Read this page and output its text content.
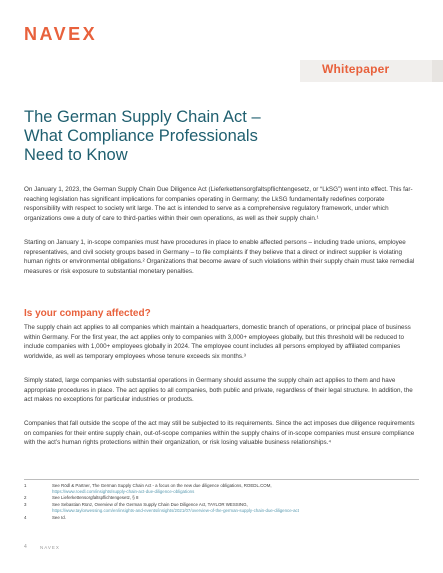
NAVEX
Whitepaper
The German Supply Chain Act –
What Compliance Professionals
Need to Know

On January 1, 2023, the German Supply Chain Due Diligence Act (Lieferkettensorgfaltspflichtengesetz, or “LkSG”) went into effect. This far-reaching legislation has significant implications for companies operating in Germany; the LkSG fundamentally redefines corporate responsibility with respect to society writ large. The act is intended to serve as a comprehensive regulatory framework, under which organizations owe a duty of care to third-parties within their own operations, as well as their supply chain.¹

Starting on January 1, in-scope companies must have procedures in place to enable affected persons – including trade unions, employee representatives, and civil society groups based in Germany – to file complaints if they believe that a direct or indirect supplier is violating human rights or environmental obligations.² Organizations that become aware of such violations within their supply chain must take remedial measures or risk exposure to substantial monetary penalties.

Is your company affected?

The supply chain act applies to all companies which maintain a headquarters, domestic branch of operations, or principal place of business within Germany. For the first year, the act applies only to companies with 3,000+ employees globally, but this threshold will be reduced to include companies with 1,000+ employees globally in 2024. The employee count includes all persons employed by affiliated companies worldwide, as well as temporary employees whose tenure exceeds six months.³

Simply stated, large companies with substantial operations in Germany should assume the supply chain act applies to them and have appropriate procedures in place. The act applies to all companies, both public and private, regardless of their legal structure. In addition, the act makes no exceptions for particular industries or products.

Companies that fall outside the scope of the act may still be subjected to its requirements. Since the act imposes due diligence requirements on companies for their entire supply chain, out-of-scope companies within the supply chains of in-scope companies must ensure compliance with the act’s human rights protections within their organization, or risk losing valuable business relationships.⁴

1	See Rödl & Partner, The German Supply Chain Act - a focus on the new due diligence obligations, ROEDL.COM,
https://www.roedl.com/insights/supply-chain-act-due-diligence-obligations
2	See Lieferkettensorgfaltspflichtengesetz, § 8
3	See Sebastian Rünz, Overview of the German Supply Chain Due Diligence Act, TAYLOR WESSING,
https://www.taylorwessing.com/en/insights-and-events/insights/2021/07/overview-of-the-german-supply-chain-due-diligence-act
4	See Id.
4	NAVEX
